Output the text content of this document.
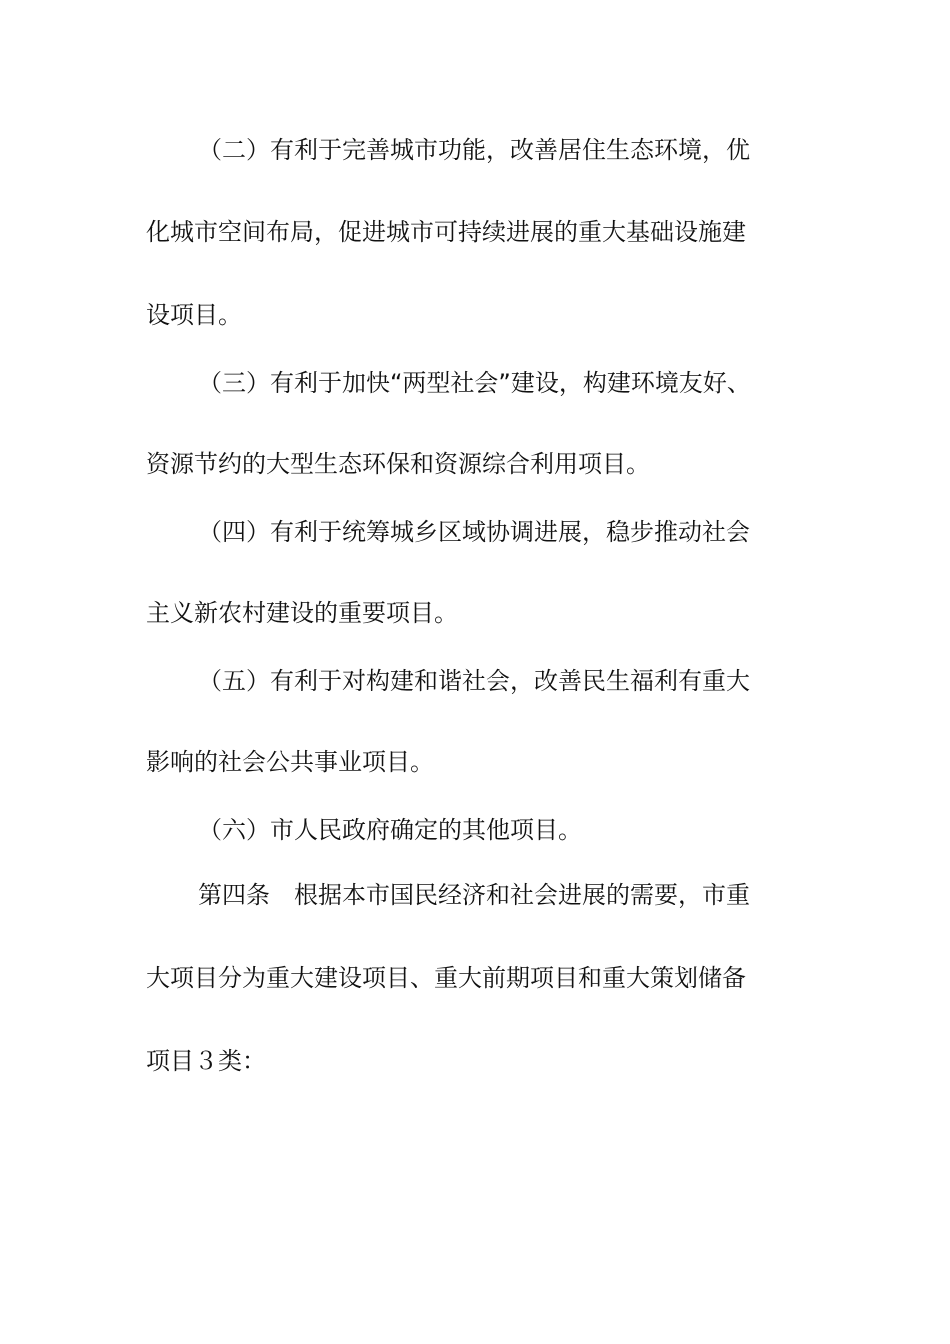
（二）有利于完善城市功能，改善居住生态环境，优
化城市空间布局，促进城市可持续进展的重大基础设施建
设项目。
（三）有利于加快“两型社会”建设，构建环境友好、
资源节约的大型生态环保和资源综合利用项目。
（四）有利于统筹城乡区域协调进展，稳步推动社会
主义新农村建设的重要项目。
（五）有利于对构建和谐社会，改善民生福利有重大
影响的社会公共事业项目。
（六）市人民政府确定的其他项目。
第四条　根据本市国民经济和社会进展的需要，市重
大项目分为重大建设项目、重大前期项目和重大策划储备
项目３类：
